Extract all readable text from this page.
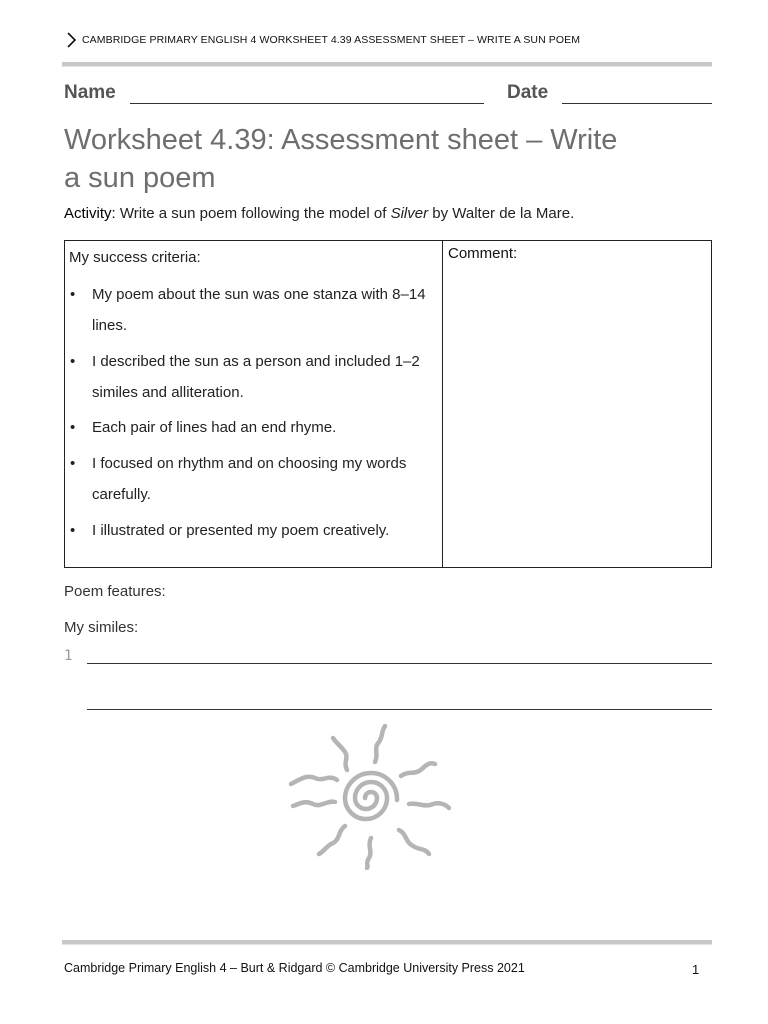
CAMBRIDGE PRIMARY ENGLISH 4 WORKSHEET 4.39 ASSESSMENT SHEET – WRITE A SUN POEM
Name	Date
Worksheet 4.39: Assessment sheet – Write
a sun poem
Activity: Write a sun poem following the model of Silver by Walter de la Mare.
My success criteria:
• My poem about the sun was one stanza with 8–14 lines.
• I described the sun as a person and included 1–2 similes and alliteration.
• Each pair of lines had an end rhyme.
• I focused on rhythm and on choosing my words carefully.
• I illustrated or presented my poem creatively.
Comment:
Poem features:
My similes:
1
Cambridge Primary English 4 – Burt & Ridgard © Cambridge University Press 2021	1
